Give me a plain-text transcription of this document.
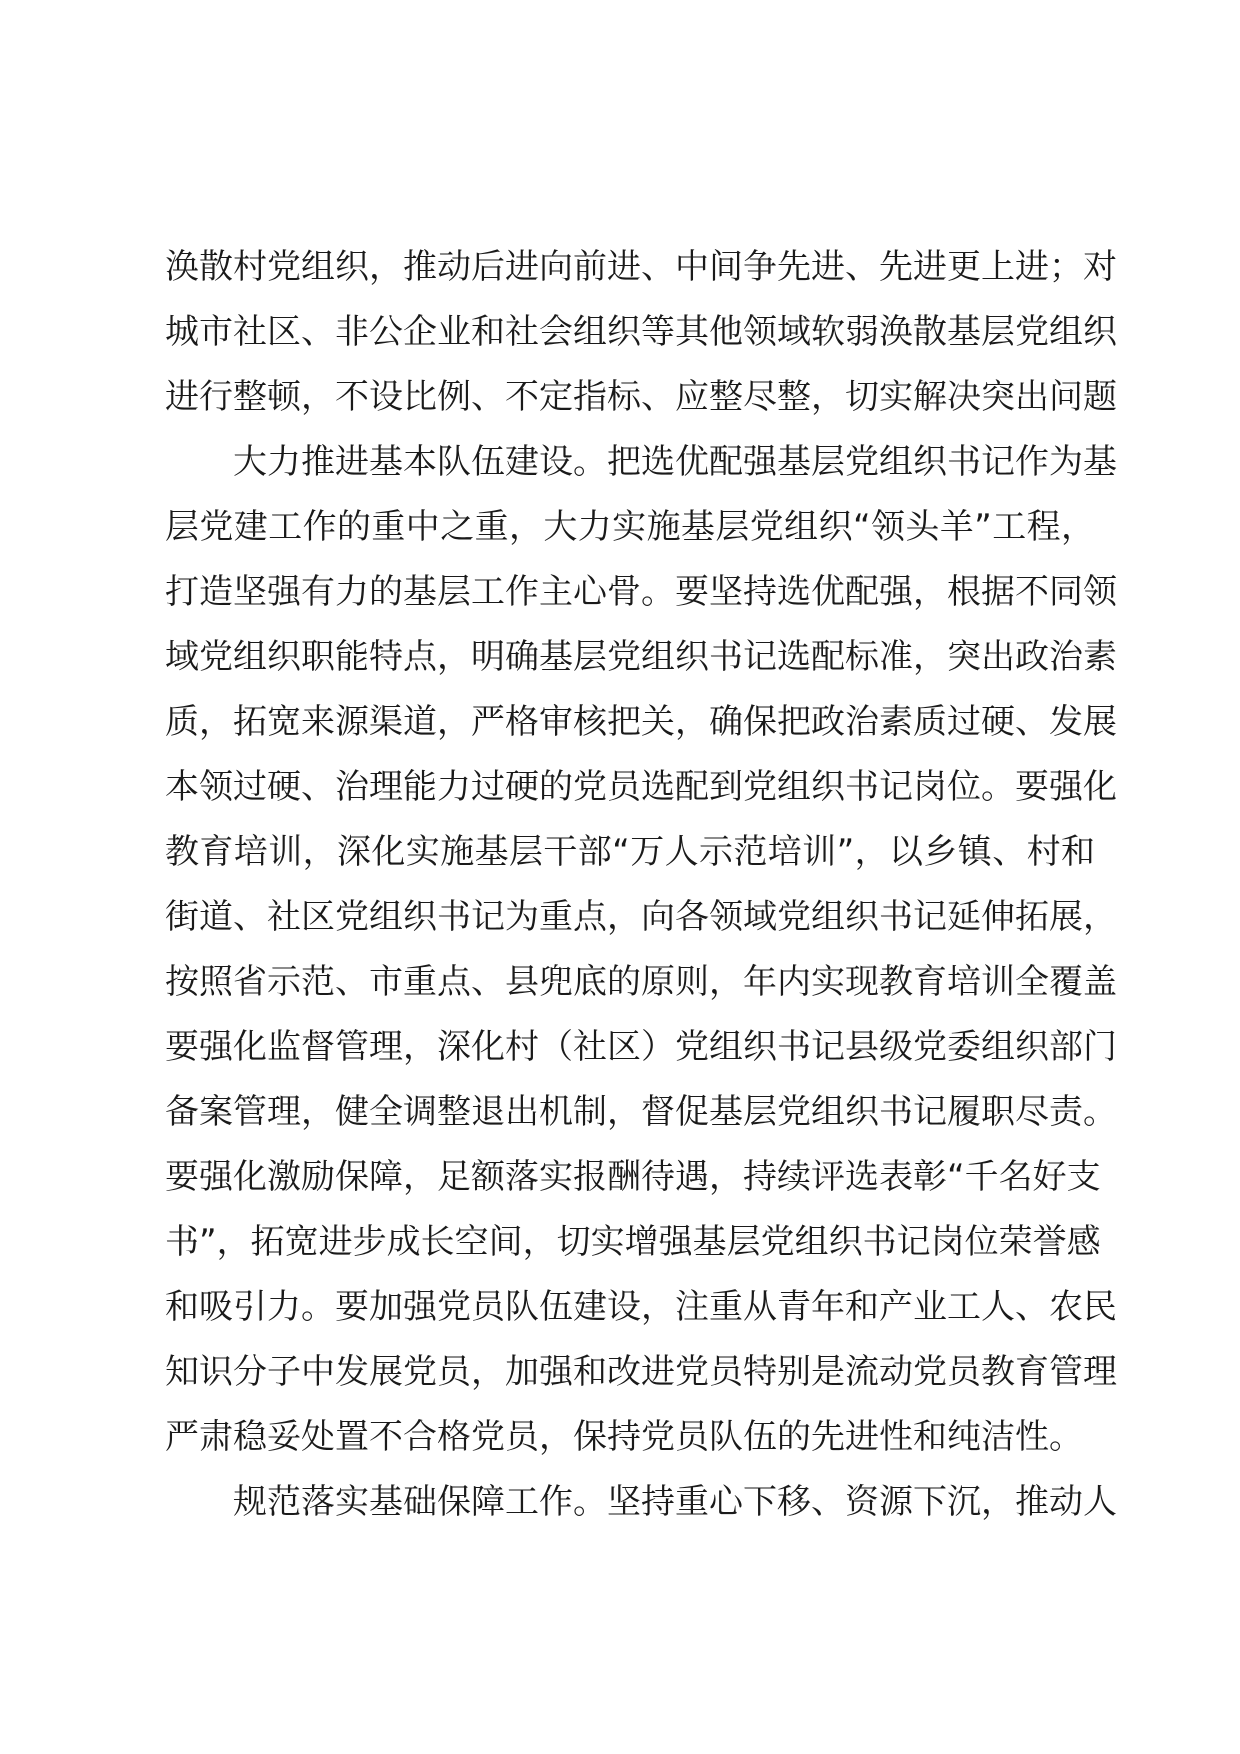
涣散村党组织，推动后进向前进、中间争先进、先进更上进；对
城市社区、非公企业和社会组织等其他领域软弱涣散基层党组织
进行整顿，不设比例、不定指标、应整尽整，切实解决突出问题
大力推进基本队伍建设。把选优配强基层党组织书记作为基
层党建工作的重中之重，大力实施基层党组织“领头羊”工程，
打造坚强有力的基层工作主心骨。要坚持选优配强，根据不同领
域党组织职能特点，明确基层党组织书记选配标准，突出政治素
质，拓宽来源渠道，严格审核把关，确保把政治素质过硬、发展
本领过硬、治理能力过硬的党员选配到党组织书记岗位。要强化
教育培训，深化实施基层干部“万人示范培训”，以乡镇、村和
街道、社区党组织书记为重点，向各领域党组织书记延伸拓展，
按照省示范、市重点、县兜底的原则，年内实现教育培训全覆盖
要强化监督管理，深化村（社区）党组织书记县级党委组织部门
备案管理，健全调整退出机制，督促基层党组织书记履职尽责。
要强化激励保障，足额落实报酬待遇，持续评选表彰“千名好支
书”，拓宽进步成长空间，切实增强基层党组织书记岗位荣誉感
和吸引力。要加强党员队伍建设，注重从青年和产业工人、农民
知识分子中发展党员，加强和改进党员特别是流动党员教育管理
严肃稳妥处置不合格党员，保持党员队伍的先进性和纯洁性。
规范落实基础保障工作。坚持重心下移、资源下沉，推动人
